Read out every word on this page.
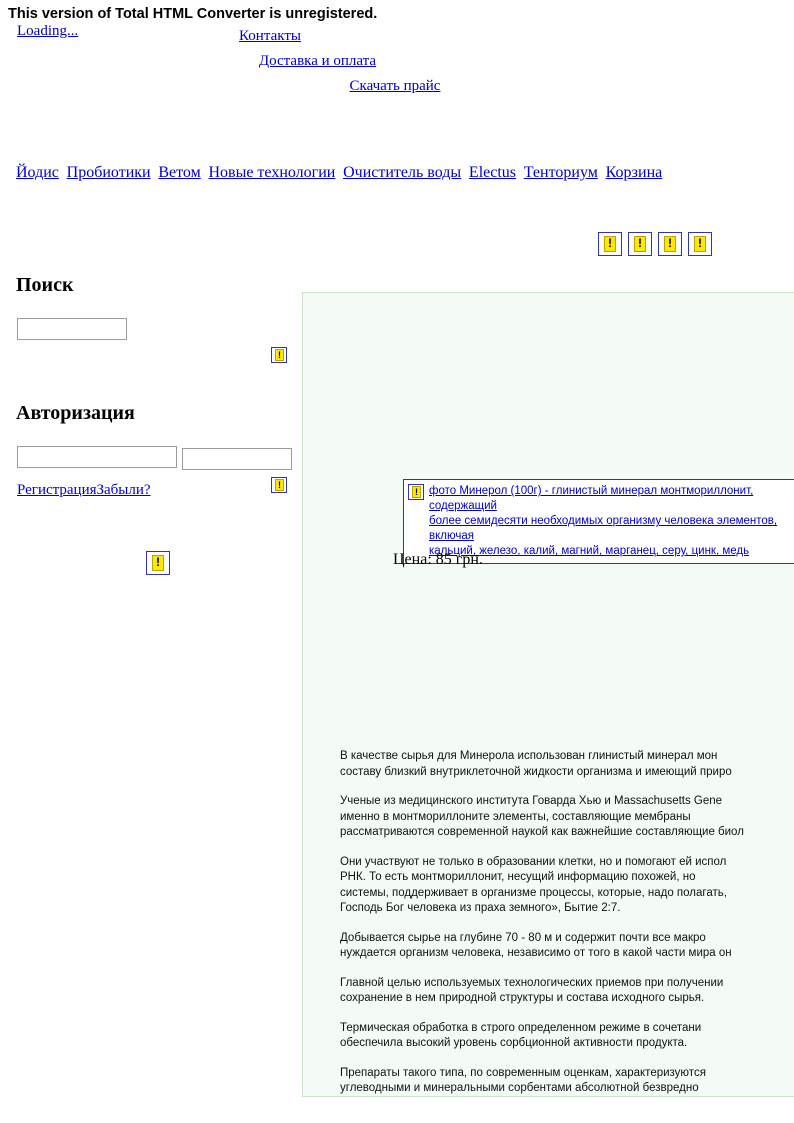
This version of Total HTML Converter is unregistered.
Loading...	Контакты
Доставка и оплата
Скачать прайс
Йодис Пробиотики Ветом Новые технологии Очиститель воды Electus Тенториум Корзина
!
!
!
!
Поиск
!
Авторизация
!
РегистрацияЗабыли?
! !	фото Минерол (100г) - глинистый минерал монтмориллонит,
содержащий
более семидесяти необходимых организму человека элементов,
включая
кальций, железо, калий, магний, марганец, серу, цинк, медь
Цена: 85 грн.

В качестве сырья для Минерола использован глинистый минерал мон
составу близкий внутриклеточной жидкости организма и имеющий приро

Ученые из медицинского института Говарда Хью и Massachusetts Gene
именно в монтмориллоните элементы, составляющие мембраны
рассматриваются современной наукой как важнейшие составляющие биол

Они участвуют не только в образовании клетки, но и помогают ей испол
РНК. То есть монтмориллонит, несущий информацию похожей, но
системы, поддерживает в организме процессы, которые, надо полагать,
Господь Бог человека из праха земного», Бытие 2:7.

Добывается сырье на глубине 70 - 80 м и содержит почти все макро
нуждается организм человека, независимо от того в какой части мира он

Главной целью используемых технологических приемов при получении
сохранение в нем природной структуры и состава исходного сырья.

Термическая обработка в строго определенном режиме в сочетани
обеспечила высокий уровень сорбционной активности продукта.

Препараты такого типа, по современным оценкам, характеризуются
углеводными и минеральными сорбентами абсолютной безвредно
